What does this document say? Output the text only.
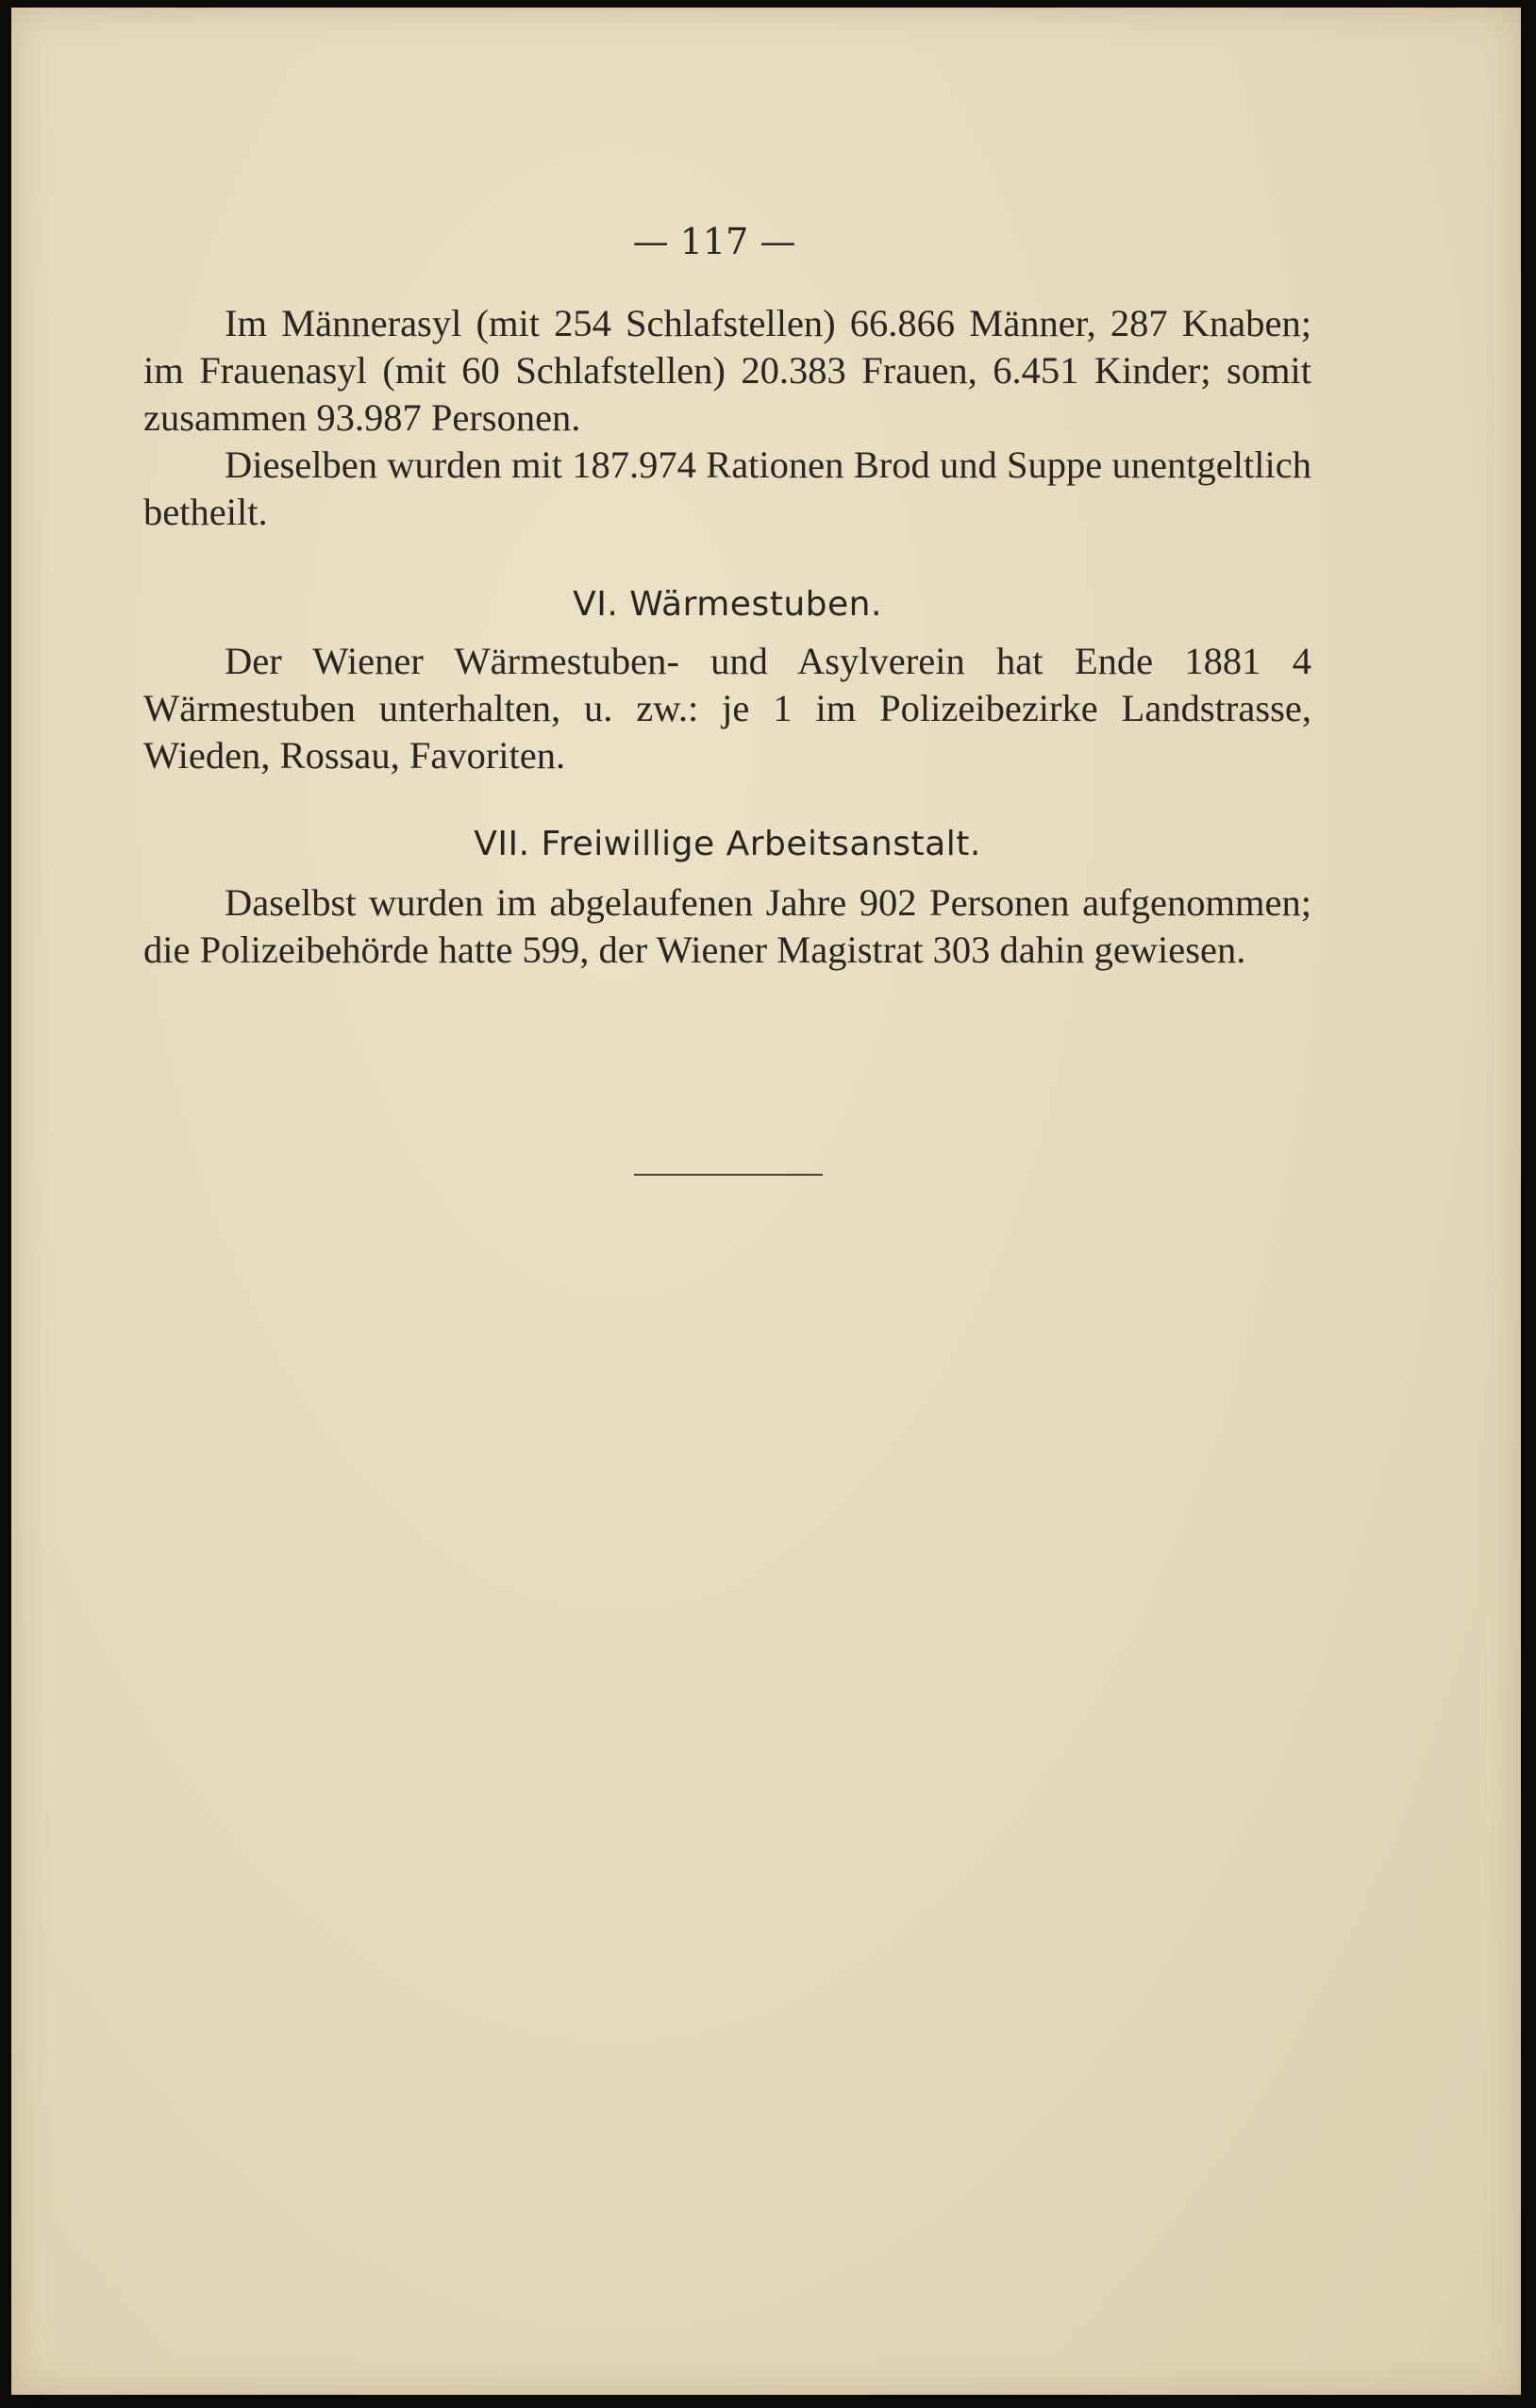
— 117 —

Im Männerasyl (mit 254 Schlafstellen) 66.866 Männer, 287 Knaben; im Frauenasyl (mit 60 Schlafstellen) 20.383 Frauen, 6.451 Kinder; somit zusammen 93.987 Personen.

Dieselben wurden mit 187.974 Rationen Brod und Suppe unentgeltlich betheilt.

VI. Wärmestuben.

Der Wiener Wärmestuben- und Asylverein hat Ende 1881 4 Wärmestuben unterhalten, u. zw.: je 1 im Polizeibezirke Landstrasse, Wieden, Rossau, Favoriten.

VII. Freiwillige Arbeitsanstalt.

Daselbst wurden im abgelaufenen Jahre 902 Personen aufgenommen; die Polizeibehörde hatte 599, der Wiener Magistrat 303 dahin gewiesen.
